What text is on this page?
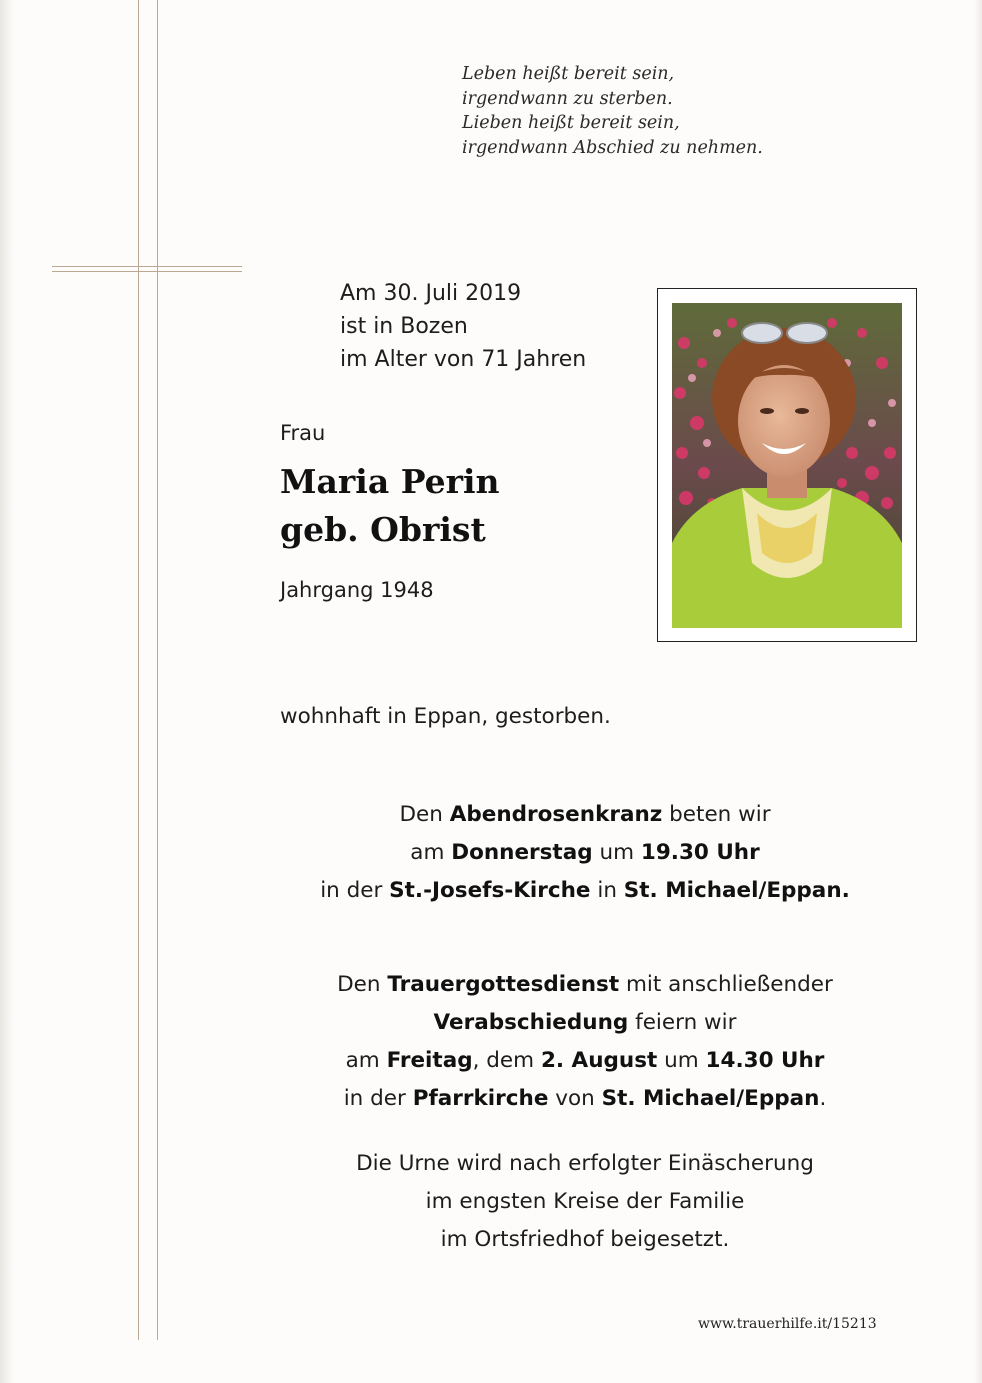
Leben heißt bereit sein,
irgendwann zu sterben.
Lieben heißt bereit sein,
irgendwann Abschied zu nehmen.
Am 30. Juli 2019
ist in Bozen
im Alter von 71 Jahren
Frau
Maria Perin
geb. Obrist
Jahrgang 1948
wohnhaft in Eppan, gestorben.
Den Abendrosenkranz beten wir
am Donnerstag um 19.30 Uhr
in der St.-Josefs-Kirche in St. Michael/Eppan.
Den Trauergottesdienst mit anschließender
Verabschiedung feiern wir
am Freitag, dem 2. August um 14.30 Uhr
in der Pfarrkirche von St. Michael/Eppan.
Die Urne wird nach erfolgter Einäscherung
im engsten Kreise der Familie
im Ortsfriedhof beigesetzt.
www.trauerhilfe.it/15213
